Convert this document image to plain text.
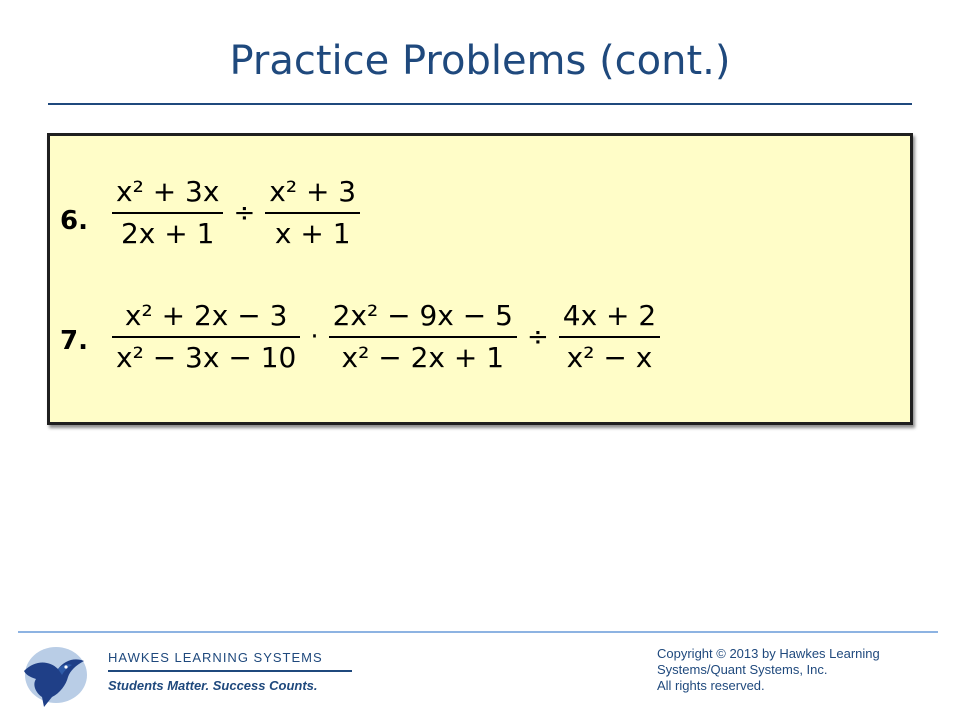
Practice Problems (cont.)
6. $\frac{\text{x² + 3x}}{2x + 1} \div \frac{\text{x² + 3}}{x + 1}$
7. $\frac{\text{x² + 2x − 3}}{\text{x² − 3x − 10}} \cdot \frac{\text{2x² − 9x − 5}}{\text{x² − 2x + 1}} \div \frac{4x + 2}{\text{x² − x}}$
HAWKES LEARNING SYSTEMS
Students Matter. Success Counts.
Copyright © 2013 by Hawkes Learning
Systems/Quant Systems, Inc.
All rights reserved.
